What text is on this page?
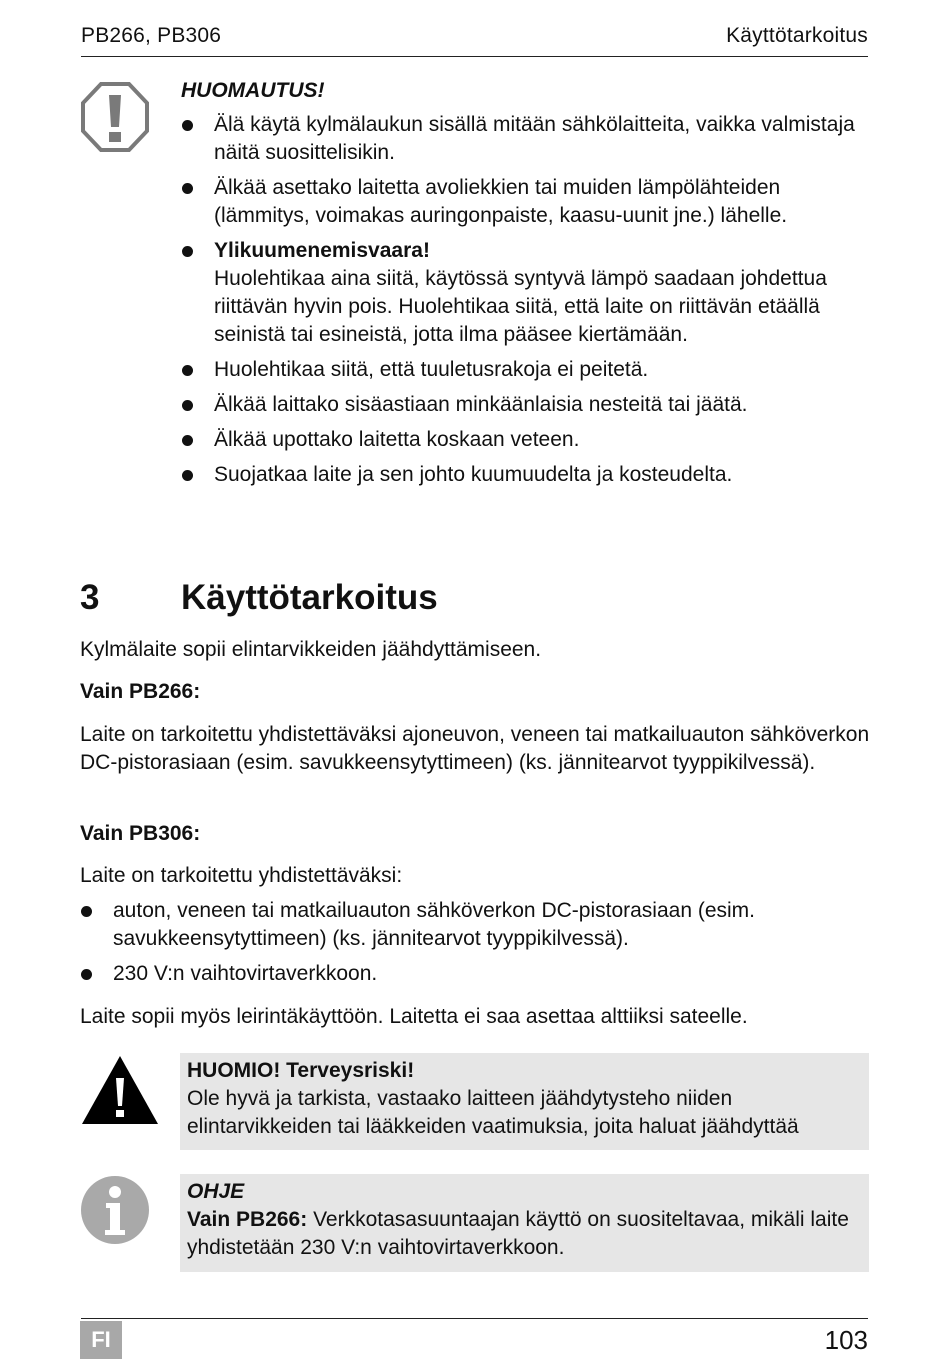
PB266, PB306	Käyttötarkoitus
HUOMAUTUS!
Älä käytä kylmälaukun sisällä mitään sähkölaitteita, vaikka valmistaja näitä suosittelisikin.
Älkää asettako laitetta avoliekkien tai muiden lämpölähteiden (lämmitys, voimakas auringonpaiste, kaasu-uunit jne.) lähelle.
Ylikuumenemisvaara!
Huolehtikaa aina siitä, käytössä syntyvä lämpö saadaan johdettua riittävän hyvin pois. Huolehtikaa siitä, että laite on riittävän etäällä seinistä tai esineistä, jotta ilma pääsee kiertämään.
Huolehtikaa siitä, että tuuletusrakoja ei peitetä.
Älkää laittako sisäastiaan minkäänlaisia nesteitä tai jäätä.
Älkää upottako laitetta koskaan veteen.
Suojatkaa laite ja sen johto kuumuudelta ja kosteudelta.
3 Käyttötarkoitus
Kylmälaite sopii elintarvikkeiden jäähdyttämiseen.
Vain PB266:
Laite on tarkoitettu yhdistettäväksi ajoneuvon, veneen tai matkailuauton sähköverkon DC-pistorasiaan (esim. savukkeensytyttimeen) (ks. jännitearvot tyyppikilvessä).
Vain PB306:
Laite on tarkoitettu yhdistettäväksi:
auton, veneen tai matkailuauton sähköverkon DC-pistorasiaan (esim. savukkeensytyttimeen) (ks. jännitearvot tyyppikilvessä).
230 V:n vaihtovirtaverkkoon.
Laite sopii myös leirintäkäyttöön. Laitetta ei saa asettaa alttiiksi sateelle.
HUOMIO! Terveysriski!
Ole hyvä ja tarkista, vastaako laitteen jäähdytysteho niiden elintarvikkeiden tai lääkkeiden vaatimuksia, joita haluat jäähdyttää
OHJE
Vain PB266: Verkkotasasuuntaajan käyttö on suositeltavaa, mikäli laite yhdistetään 230 V:n vaihtovirtaverkkoon.
FI	103
